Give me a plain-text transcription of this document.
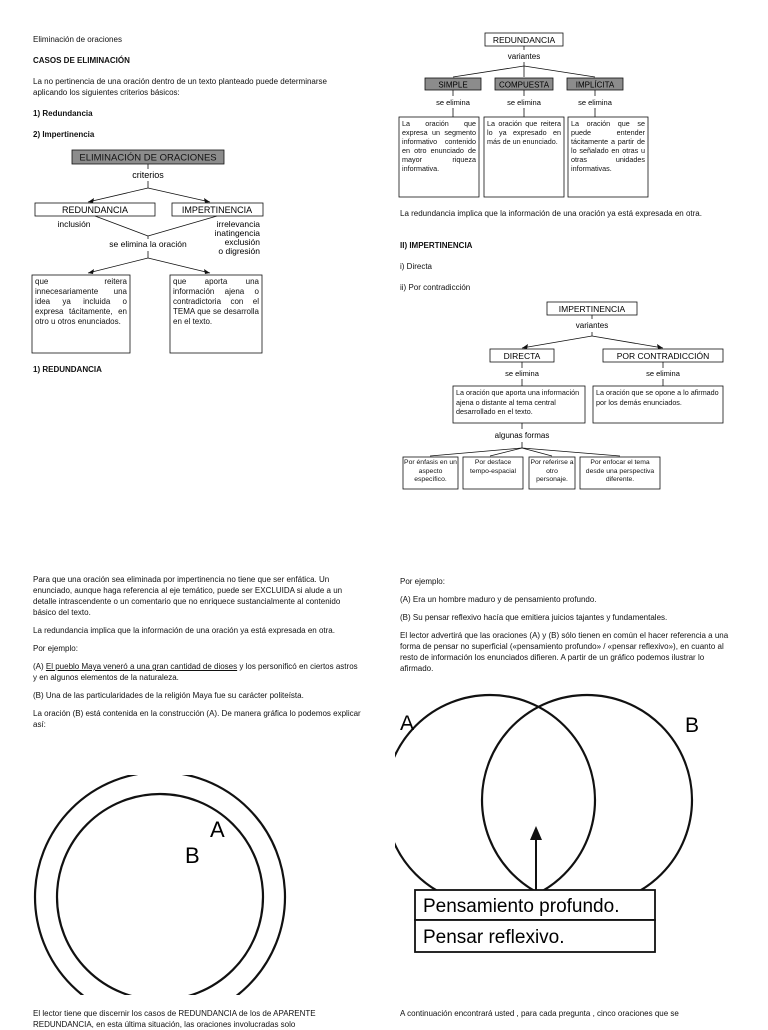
Eliminación de oraciones
CASOS DE ELIMINACIÓN
La no pertinencia de una oración dentro de un texto planteado puede determinarse aplicando los siguientes criterios básicos:
1) Redundancia
2) Impertinencia
ELIMINACIÓN DE ORACIONES
criterios
REDUNDANCIA	IMPERTINENCIA
inclusión	irrelevancia
inatingencia
exclusión
o digresión
se elimina la oración
que reitera innecesariamente una idea ya incluida o expresa tácitamente, en otro u otros enunciados.
que aporta una información ajena o contradictoria con el TEMA que se desarrolla en el texto.
1) REDUNDANCIA
REDUNDANCIA
variantes
SIMPLE	COMPUESTA	IMPLÍCITA
se elimina	se elimina	se elimina
La oración que expresa un segmento informativo contenido en otro enunciado de mayor riqueza informativa.
La oración que reitera lo ya expresado en más de un enunciado.
La oración que se puede entender tácitamente a partir de lo señalado en otras u otras unidades informativas.
La redundancia implica que la información de una oración ya está expresada en otra.
II) IMPERTINENCIA
i) Directa
ii) Por contradicción
IMPERTINENCIA
variantes
DIRECTA	POR CONTRADICCIÓN
se elimina	se elimina
La oración que aporta una información ajena o distante al tema central desarrollado en el texto.
La oración que se opone a lo afirmado por los demás enunciados.
algunas formas
Por énfasis en un aspecto específico.
Por desface tempo-espacial
Por referirse a otro personaje.
Por enfocar el tema desde una perspectiva diferente.

Para que una oración sea eliminada por impertinencia no tiene que ser enfática. Un enunciado, aunque haga referencia al eje temático, puede ser EXCLUIDA si alude a un detalle intrascendente o un comentario que no enriquece sustancialmente al contenido básico del texto.

La redundancia implica que la información de una oración ya está expresada en otra.

Por ejemplo:

(A) El pueblo Maya veneró a una gran cantidad de dioses y los personificó en ciertos astros y en algunos elementos de la naturaleza.

(B) Una de las particularidades de la religión Maya fue su carácter politeísta.

La oración (B) está contenida en la construcción (A). De manera gráfica lo podemos explicar así:

A
B
El lector tiene que discernir los casos de REDUNDANCIA de los de APARENTE REDUNDANCIA, en esta última situación, las oraciones involucradas solo

Por ejemplo:

(A) Era un hombre maduro y de pensamiento profundo.

(B) Su pensar reflexivo hacía que emitiera juicios tajantes y fundamentales.

El lector advertirá que las oraciones (A) y (B) sólo tienen en común el hacer referencia a una forma de pensar no superficial («pensamiento profundo» / «pensar reflexivo»), en cuanto al resto de información los enunciados difieren. A partir de un gráfico podemos ilustrar lo afirmado.

A	B
Pensamiento profundo.
Pensar reflexivo.
A continuación encontrará usted , para cada pregunta , cinco oraciones que se
